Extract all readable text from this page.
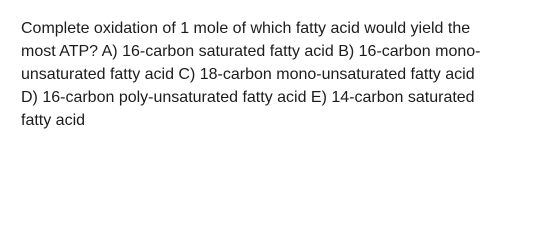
Complete oxidation of 1 mole of which fatty acid would yield the
most ATP? A) 16-carbon saturated fatty acid B) 16-carbon mono-
unsaturated fatty acid C) 18-carbon mono-unsaturated fatty acid
D) 16-carbon poly-unsaturated fatty acid E) 14-carbon saturated
fatty acid
